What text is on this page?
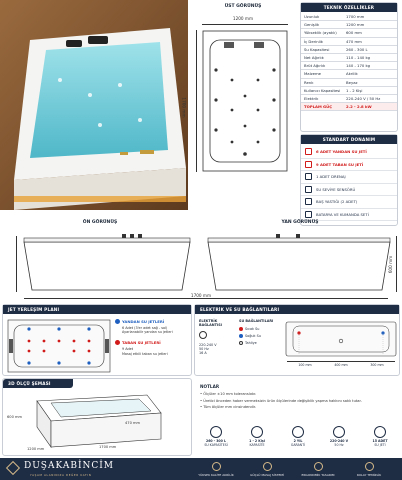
ÜST GÖRÜNÜŞ
1200 mm
1700 mm
TEKNİK ÖZELLİKLER
Uzunluk	1700 mm
Genişlik	1200 mm
Yükseklik (ayaklı)	600 mm
İç Derinlik	470 mm
Su Kapasitesi	260 - 300 L
Net Ağırlık	110 - 140 kg
Brüt Ağırlık	140 - 170 kg
Malzeme	Akrilik
Renk	Beyaz
Kullanıcı Kapasitesi	1 - 2 Kişi
Elektrik	220-240 V / 50 Hz
TOPLAM GÜÇ	2.2 - 2.8 kW
STANDART DONANIM
6 ADET YANDAN SU JETİ
9 ADET TABAN SU JETİ
1 ADET DRENAJ
SU SEVİYE SENSÖRÜ
BAŞ YASTIĞI (2 ADET)
BATARYA VE KUMANDA SETİ
ÖN GÖRÜNÜŞ	YAN GÖRÜNÜŞ
600 mm
1700 mm
JET YERLEŞİM PLANI
YANDAN SU JETLERİ
6 Adet (3'er adet sağ - sol) Ayarlanabilir yandan su jetleri
TABAN SU JETLERİ
9 Adet
Masaj etkili taban su jetleri
ELEKTRİK VE SU BAĞLANTILARI
ELEKTRİK BAĞLANTISI
220-240 V
50 Hz
16 A
SU BAĞLANTILARI
Sıcak Su
Soğuk Su
Tahliye
100 mm	400 mm	300 mm
3D ÖLÇÜ ŞEMASI
600 mm
470 mm
1200 mm	1700 mm
NOTLAR
• Ölçüler ±10 mm toleranslıdır.
• Üretici önceden haber vermeksizin ürün ölçülerinde değişiklik yapma hakkını saklı tutar.
• Tüm ölçüler mm cinsindendir.
260 - 300 L
SU KAPASİTESİ
1 - 2 Kişi
KAPASİTE
2 YIL
GARANTİ
220-240 V
50 Hz
15 ADET
SU JETİ
DUŞAKABİNCİM
YAŞAM ALANINIZA DEĞER KATIN	YÜKSEK KALİTE AKRİLİK	GÜÇLÜ MASAJ SİSTEMİ	ERGONOMİK TASARIM	KOLAY TEMİZLİK
